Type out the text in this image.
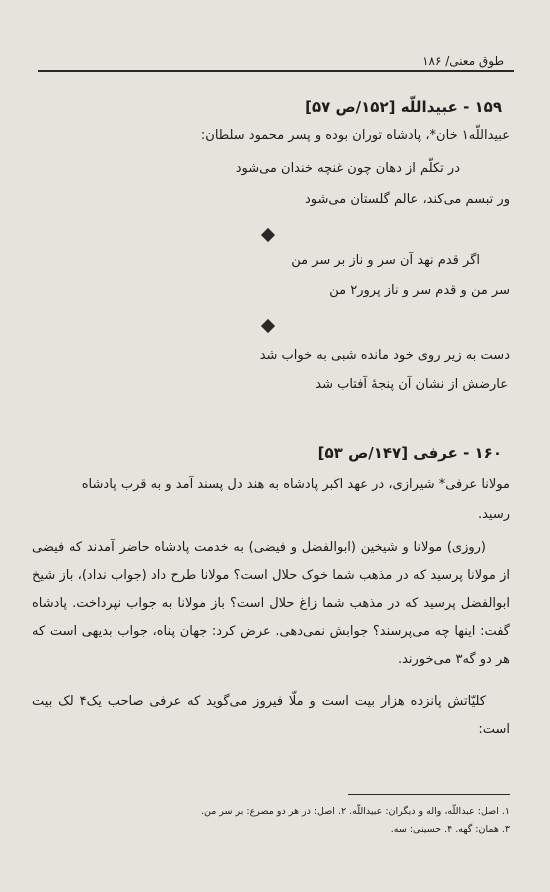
طوق معنی/ ۱۸۶
۱۵۹ - عبیداللّه [۱۵۲/ص ۵۷]
عبیداللّه۱ خان*، پادشاه توران بوده و پسر محمود سلطان:
در تکلّم از دهان چون غنچه خندان می‌شود
ور تبسم می‌کند، عالم گلستان می‌شود
اگر قدم نهد آن سر و ناز بر سر من
سر من و قدم سر و ناز پرور۲ من
دست به زیر روی خود مانده شبی به خواب شد
عارضش از نشان آن پنجهٔ آفتاب شد
۱۶۰ - عرفی [۱۴۷/ص ۵۳]
مولانا عرفی* شیرازی، در عهد اکبر پادشاه به هند دل پسند آمد و به قرب پادشاه
رسید.
(روزی) مولانا و شیخین (ابوالفضل و فیضی) به خدمت پادشاه حاضر آمدند که فیضی از مولانا پرسید که در مذهب شما خوک حلال است؟ مولانا طرح داد (جواب نداد)، باز شیخ ابوالفضل پرسید که در مذهب شما زاغ حلال است؟ باز مولانا به جواب نپرداخت. پادشاه گفت: اینها چه می‌پرسند؟ جوابش نمی‌دهی. عرض کرد: جهان پناه، جواب بدیهی است که هر دو گه۳ می‌خورند.
کلیّاتش پانزده هزار بیت است و ملّا فیروز می‌گوید که عرفی صاحب یک۴ لک بیت است:
۱. اصل: عبداللّه، واله و دیگران: عبیداللّه. ۲. اصل: در هر دو مصرع: بر سر من.
۳. همان: گهه. ۴. حسینی: سه.
